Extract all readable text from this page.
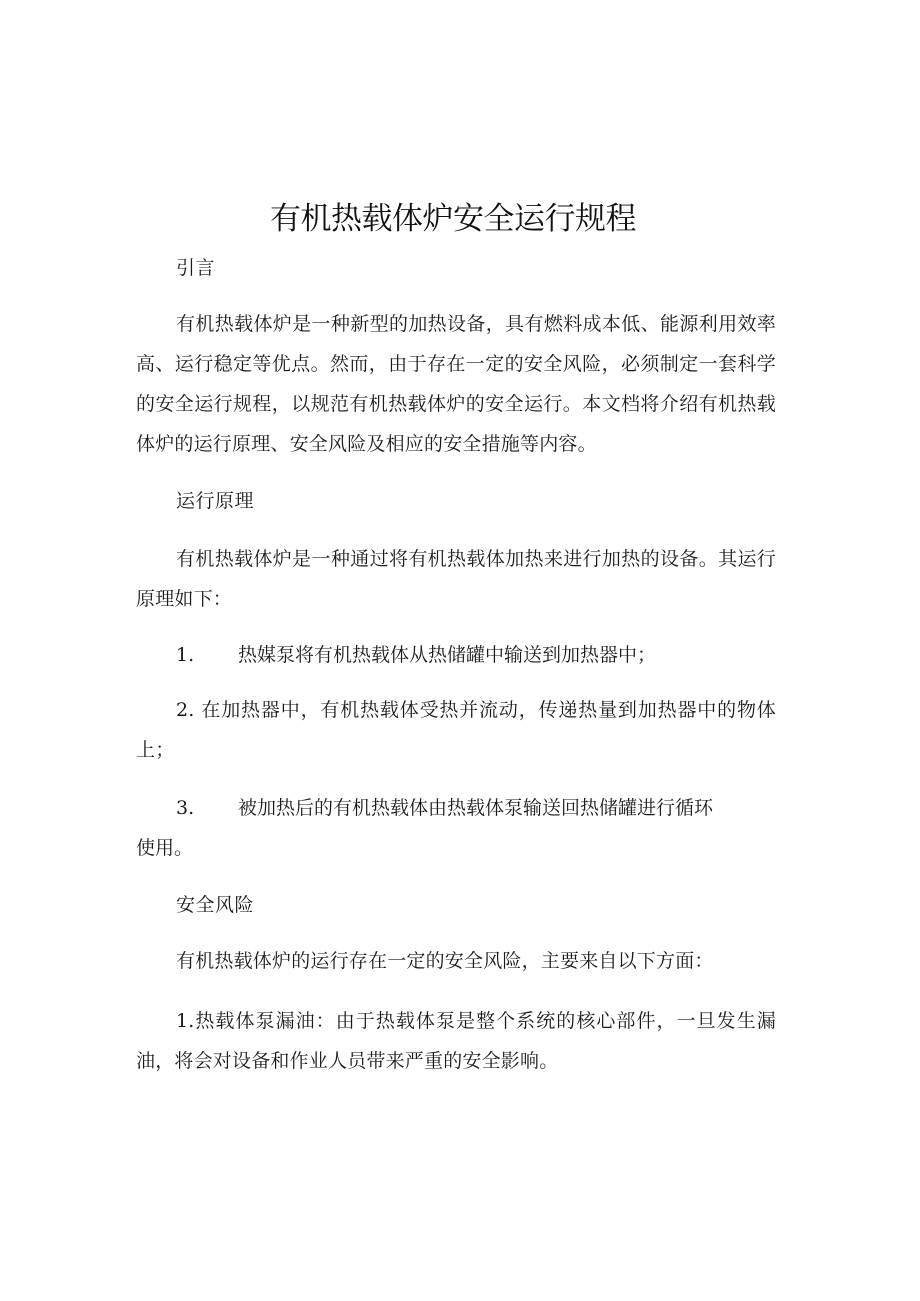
有机热载体炉安全运行规程

引言

有机热载体炉是一种新型的加热设备，具有燃料成本低、能源利用效率高、运行稳定等优点。然而，由于存在一定的安全风险，必须制定一套科学的安全运行规程，以规范有机热载体炉的安全运行。本文档将介绍有机热载体炉的运行原理、安全风险及相应的安全措施等内容。

运行原理

有机热载体炉是一种通过将有机热载体加热来进行加热的设备。其运行原理如下：

1. 热媒泵将有机热载体从热储罐中输送到加热器中；

2. 在加热器中，有机热载体受热并流动，传递热量到加热器中的物体上；

3. 被加热后的有机热载体由热载体泵输送回热储罐进行循环

使用。

安全风险

有机热载体炉的运行存在一定的安全风险，主要来自以下方面：

1.热载体泵漏油：由于热载体泵是整个系统的核心部件，一旦发生漏油，将会对设备和作业人员带来严重的安全影响。
